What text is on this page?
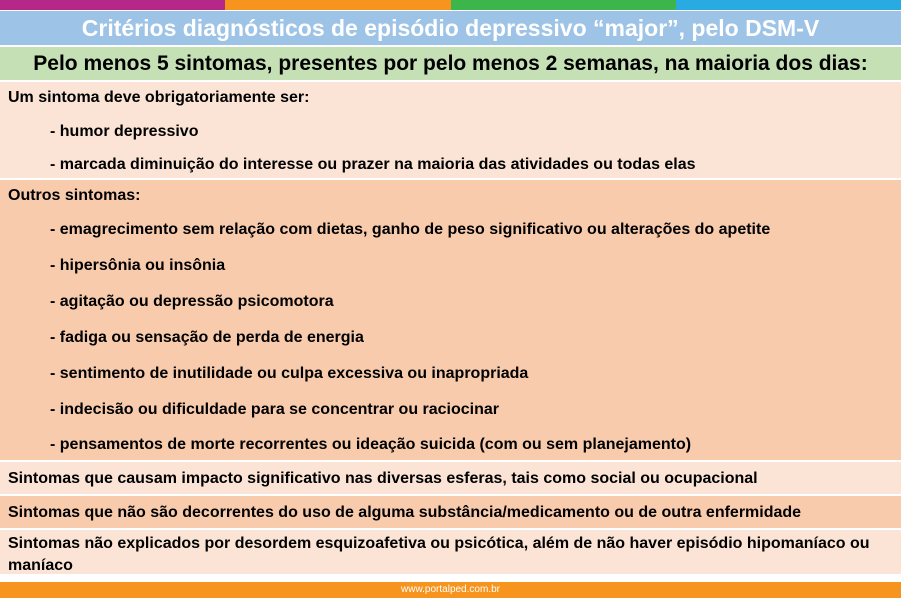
Critérios diagnósticos de episódio depressivo “major”, pelo DSM-V
Pelo menos 5 sintomas, presentes por pelo menos 2 semanas, na maioria dos dias:
Um sintoma deve obrigatoriamente ser:
- humor depressivo
- marcada diminuição do interesse ou prazer na maioria das atividades ou todas elas
Outros sintomas:
- emagrecimento sem relação com dietas, ganho de peso significativo ou alterações do apetite
- hipersônia ou insônia
- agitação ou depressão psicomotora
- fadiga ou sensação de perda de energia
- sentimento de inutilidade ou culpa excessiva ou inapropriada
- indecisão ou dificuldade para se concentrar ou raciocinar
- pensamentos de morte recorrentes ou ideação suicida (com ou sem planejamento)
Sintomas que causam impacto significativo nas diversas esferas, tais como social ou ocupacional
Sintomas que não são decorrentes do uso de alguma substância/medicamento ou de outra enfermidade
Sintomas não explicados por desordem esquizoafetiva ou psicótica, além de não haver episódio hipomaníaco ou maníaco
www.portalped.com.br
